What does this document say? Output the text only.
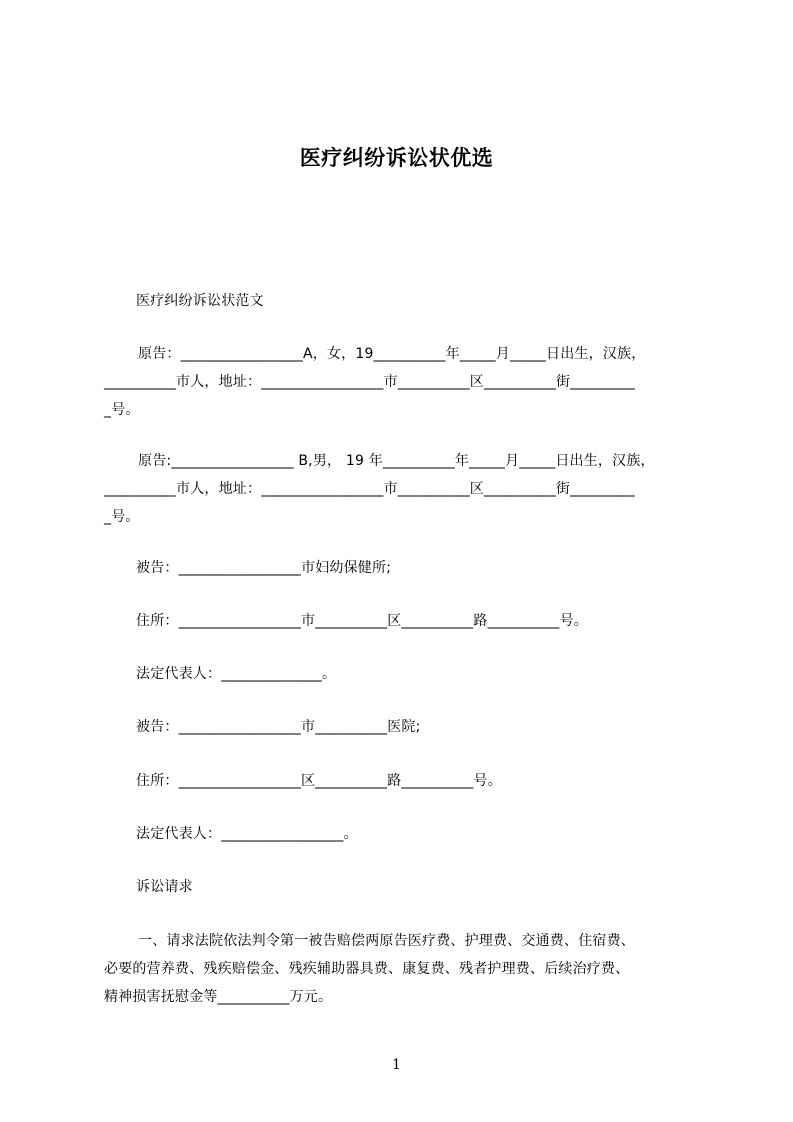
医疗纠纷诉讼状优选

医疗纠纷诉讼状范文

原告：_________________A，女，19__________年_____月_____日出生，汉族，

__________市人，地址：_________________市__________区__________街_________

_号。

原告:_________________ B,男， 19 年__________年_____月_____日出生，汉族，

__________市人，地址：_________________市__________区__________街_________

_号。

被告：_________________市妇幼保健所;

住所：_________________市__________区__________路__________号。

法定代表人：______________。

被告：_________________市__________医院;

住所：_________________区__________路__________号。

法定代表人：_________________。

诉讼请求

一、请求法院依法判令第一被告赔偿两原告医疗费、护理费、交通费、住宿费、

必要的营养费、残疾赔偿金、残疾辅助器具费、康复费、残者护理费、后续治疗费、

精神损害抚慰金等__________万元。

1
